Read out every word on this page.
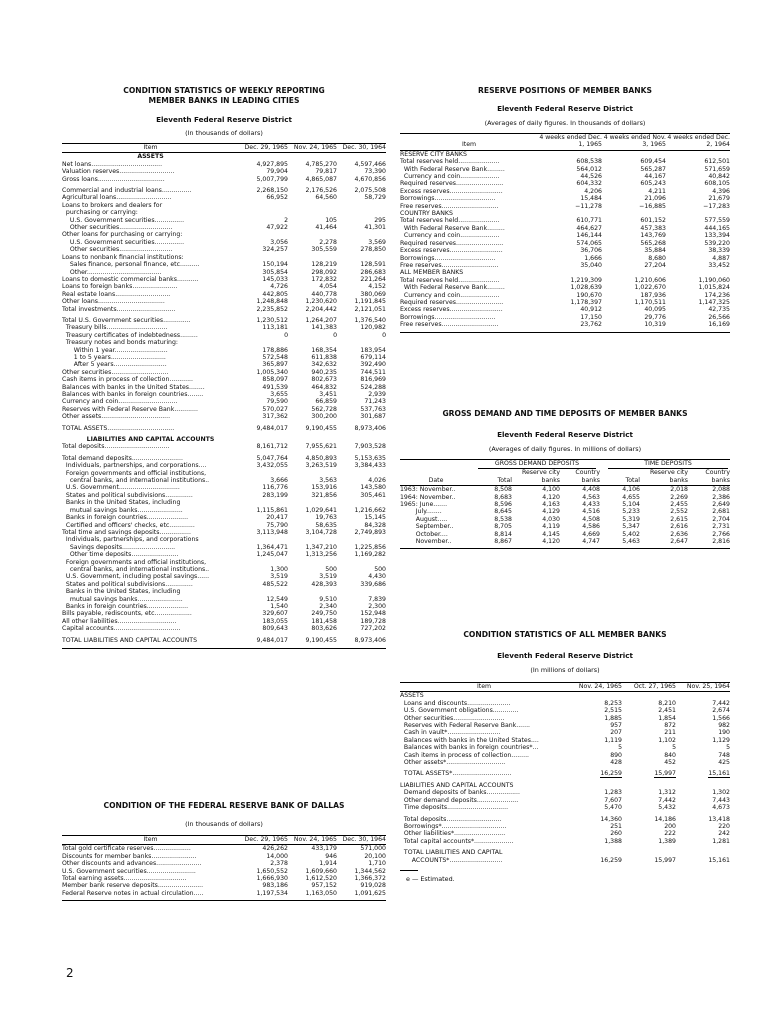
CONDITION STATISTICS OF WEEKLY REPORTING
MEMBER BANKS IN LEADING CITIES
Eleventh Federal Reserve District
(In thousands of dollars)
Item	Dec. 29, 1965	Nov. 24, 1965	Dec. 30, 1964
ASSETS			
Net loans....................................	4,927,895	4,785,270	4,597,466
Valuation reserves............................	79,904	79,817	73,390
Gross loans..................................	5,007,799	4,865,087	4,670,856
Commercial and industrial loans...............	2,268,150	2,176,526	2,075,508
Agricultural loans............................	66,952	64,560	58,729
Loans to brokers and dealers for			
purchasing or carrying:			
U.S. Government securities...............	2	105	295
Other securities...........................	47,922	41,464	41,301
Other loans for purchasing or carrying:			
U.S. Government securities...............	3,056	2,278	3,569
Other securities...........................	324,257	305,559	278,850
Loans to nonbank financial institutions:			
Sales finance, personal finance, etc..........	150,194	128,219	128,591
Other......................................	305,854	298,092	286,683
Loans to domestic commercial banks...........	145,033	172,832	221,264
Loans to foreign banks.......................	4,726	4,054	4,152
Real estate loans............................	442,805	440,778	380,069
Other loans..................................	1,248,848	1,230,620	1,191,845
Total investments..............................	2,235,852	2,204,442	2,121,051
Total U.S. Government securities..............	1,230,512	1,264,207	1,376,540
Treasury bills...............................	113,181	141,383	120,982
Treasury certificates of indebtedness.........	0	0	0
Treasury notes and bonds maturing:			
Within 1 year...........................	178,886	168,354	183,954
1 to 5 years............................	572,548	611,838	679,114
After 5 years...........................	365,897	342,632	392,490
Other securities.............................	1,005,340	940,235	744,511
Cash items in process of collection............	858,097	802,673	816,969
Balances with banks in the United States........	491,539	464,832	524,288
Balances with banks in foreign countries........	3,655	3,451	2,939
Currency and coin..............................	79,590	66,859	71,243
Reserves with Federal Reserve Bank............	570,027	562,728	537,763
Other assets...................................	317,362	300,200	301,687
TOTAL ASSETS..................................	9,484,017	9,190,455	8,973,406
LIABILITIES AND CAPITAL ACCOUNTS			
Total deposits.................................	8,161,712	7,955,621	7,903,528
Total demand deposits..........................	5,047,764	4,850,893	5,153,635
Individuals, partnerships, and corporations....	3,432,055	3,263,519	3,384,433
Foreign governments and official institutions,			
central banks, and international institutions..	3,666	3,563	4,026
U.S. Government...............................	116,776	153,916	143,580
States and political subdivisions..............	283,199	321,856	305,461
Banks in the United States, including			
mutual savings banks.......................	1,115,861	1,029,641	1,216,662
Banks in foreign countries.....................	20,417	19,763	15,145
Certified and officers' checks, etc.............	75,790	58,635	84,328
Total time and savings deposits................	3,113,948	3,104,728	2,749,893
Individuals, partnerships, and corporations			
Savings deposits...........................	1,364,471	1,347,210	1,225,856
Other time deposits........................	1,245,047	1,313,256	1,169,282
Foreign governments and official institutions,			
central banks, and international institutions..	1,300	500	500
U.S. Government, including postal savings......	3,519	3,519	4,430
States and political subdivisions..............	485,522	428,393	339,686
Banks in the United States, including			
mutual savings banks.......................	12,549	9,510	7,839
Banks in foreign countries.....................	1,540	2,340	2,300
Bills payable, rediscounts, etc...................	329,607	249,750	152,948
All other liabilities..............................	183,055	181,458	189,728
Capital accounts..................................	809,643	803,626	727,202
TOTAL LIABILITIES AND CAPITAL ACCOUNTS	9,484,017	9,190,455	8,973,406
CONDITION OF THE FEDERAL RESERVE BANK OF DALLAS
(In thousands of dollars)
Item	Dec. 29, 1965	Nov. 24, 1965	Dec. 30, 1964
Total gold certificate reserves...................	426,262	433,179	571,000
Discounts for member banks.......................	14,000	946	20,100
Other discounts and advances.......................	2,378	1,914	1,710
U.S. Government securities.........................	1,650,552	1,609,660	1,344,562
Total earning assets................................	1,666,930	1,612,520	1,366,372
Member bank reserve deposits.......................	983,186	957,152	919,028
Federal Reserve notes in actual circulation.....	1,197,534	1,163,050	1,091,625
RESERVE POSITIONS OF MEMBER BANKS
Eleventh Federal Reserve District
(Averages of daily figures. In thousands of dollars)
Item	4 weeks ended Dec. 1, 1965	4 weeks ended Nov. 3, 1965	4 weeks ended Dec. 2, 1964
RESERVE CITY BANKS			
Total reserves held.....................	608,538	609,454	612,501
With Federal Reserve Bank.........	564,012	565,287	571,659
Currency and coin....................	44,526	44,167	40,842
Required reserves........................	604,332	605,243	608,105
Excess reserves...........................	4,206	4,211	4,396
Borrowings...............................	15,484	21,096	21,679
Free reserves.............................	−11,278	−16,885	−17,283
COUNTRY BANKS			
Total reserves held.....................	610,771	601,152	577,559
With Federal Reserve Bank.........	464,627	457,383	444,165
Currency and coin....................	146,144	143,769	133,394
Required reserves........................	574,065	565,268	539,220
Excess reserves...........................	36,706	35,884	38,339
Borrowings...............................	1,666	8,680	4,887
Free reserves.............................	35,040	27,204	33,452
ALL MEMBER BANKS			
Total reserves held.....................	1,219,309	1,210,606	1,190,060
With Federal Reserve Bank.........	1,028,639	1,022,670	1,015,824
Currency and coin....................	190,670	187,936	174,236
Required reserves........................	1,178,397	1,170,511	1,147,325
Excess reserves...........................	40,912	40,095	42,735
Borrowings...............................	17,150	29,776	26,566
Free reserves.............................	23,762	10,319	16,169
GROSS DEMAND AND TIME DEPOSITS OF MEMBER BANKS
Eleventh Federal Reserve District
(Averages of daily figures. In millions of dollars)

	GROSS DEMAND DEPOSITS			TIME DEPOSITS		

Date	Total	Reserve city banks	Country banks	Total	Reserve city banks	Country banks
1963: November..	8,508	4,100	4,408	4,106	2,018	2,088
1964: November..	8,683	4,120	4,563	4,655	2,269	2,386
1965: June.......	8,596	4,163	4,433	5,104	2,455	2,649
July........	8,645	4,129	4,516	5,233	2,552	2,681
August.....	8,538	4,030	4,508	5,319	2,615	2,704
September..	8,705	4,119	4,586	5,347	2,616	2,731
October....	8,814	4,145	4,669	5,402	2,636	2,766
November..	8,867	4,120	4,747	5,463	2,647	2,816
CONDITION STATISTICS OF ALL MEMBER BANKS
Eleventh Federal Reserve District
(In millions of dollars)
Item	Nov. 24, 1965	Oct. 27, 1965	Nov. 25, 1964
ASSETS			
Loans and discounts......................	8,253	8,210	7,442
U.S. Government obligations.............	2,515	2,451	2,674
Other securities..........................	1,885	1,854	1,566
Reserves with Federal Reserve Bank.......	957	872	982
Cash in vault*...........................	207	211	190
Balances with banks in the United States....	1,119	1,102	1,129
Balances with banks in foreign countries*...	5	5	5
Cash items in process of collection.........	890	840	748
Other assets*..............................	428	452	425
TOTAL ASSETS*..............................	16,259	15,997	15,161
LIABILITIES AND CAPITAL ACCOUNTS			
Demand deposits of banks.................	1,283	1,312	1,302
Other demand deposits.....................	7,607	7,442	7,443
Time deposits...............................	5,470	5,432	4,673
Total deposits............................	14,360	14,186	13,418
Borrowings*.................................	251	200	220
Other liabilities*..........................	260	222	242
Total capital accounts*....................	1,388	1,389	1,281
TOTAL LIABILITIES AND CAPITAL			
ACCOUNTS*...........................	16,259	15,997	15,161
e — Estimated.
2
